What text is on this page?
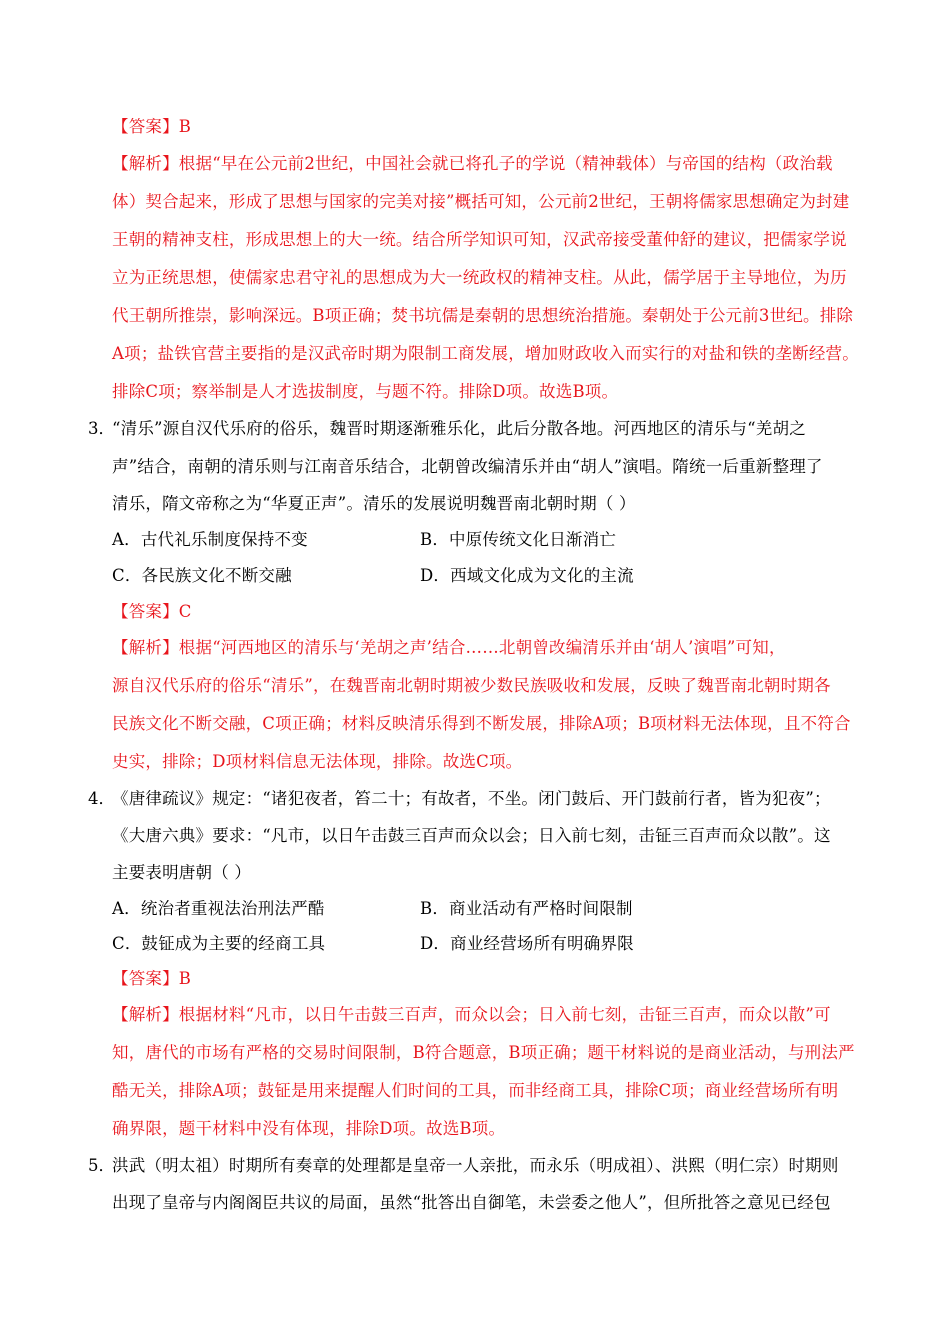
【答案】B
【解析】根据“早在公元前2世纪，中国社会就已将孔子的学说（精神载体）与帝国的结构（政治载
体）契合起来，形成了思想与国家的完美对接”概括可知，公元前2世纪，王朝将儒家思想确定为封建
王朝的精神支柱，形成思想上的大一统。结合所学知识可知，汉武帝接受董仲舒的建议，把儒家学说
立为正统思想，使儒家忠君守礼的思想成为大一统政权的精神支柱。从此，儒学居于主导地位，为历
代王朝所推崇，影响深远。B项正确；焚书坑儒是秦朝的思想统治措施。秦朝处于公元前3世纪。排除
A项；盐铁官营主要指的是汉武帝时期为限制工商发展，增加财政收入而实行的对盐和铁的垄断经营。
排除C项；察举制是人才选拔制度，与题不符。排除D项。故选B项。
3．
“清乐”源自汉代乐府的俗乐，魏晋时期逐渐雅乐化，此后分散各地。河西地区的清乐与“羌胡之
声”结合，南朝的清乐则与江南音乐结合，北朝曾改编清乐并由“胡人”演唱。隋统一后重新整理了
清乐，隋文帝称之为“华夏正声”。清乐的发展说明魏晋南北朝时期（ ）
A．古代礼乐制度保持不变	B．中原传统文化日渐消亡
C．各民族文化不断交融	D．西域文化成为文化的主流
【答案】C
【解析】根据“河西地区的清乐与‘羌胡之声’结合……北朝曾改编清乐并由‘胡人’演唱”可知，
源自汉代乐府的俗乐“清乐”，在魏晋南北朝时期被少数民族吸收和发展，反映了魏晋南北朝时期各
民族文化不断交融，C项正确；材料反映清乐得到不断发展，排除A项；B项材料无法体现，且不符合
史实，排除；D项材料信息无法体现，排除。故选C项。
4．
《唐律疏议》规定：“诸犯夜者，笞二十；有故者，不坐。闭门鼓后、开门鼓前行者，皆为犯夜”；
《大唐六典》要求：“凡市，以日午击鼓三百声而众以会；日入前七刻，击钲三百声而众以散”。这
主要表明唐朝（ ）
A．统治者重视法治刑法严酷	B．商业活动有严格时间限制
C．鼓钲成为主要的经商工具	D．商业经营场所有明确界限
【答案】B
【解析】根据材料“凡市，以日午击鼓三百声，而众以会；日入前七刻，击钲三百声，而众以散”可
知，唐代的市场有严格的交易时间限制，B符合题意，B项正确；题干材料说的是商业活动，与刑法严
酷无关，排除A项；鼓钲是用来提醒人们时间的工具，而非经商工具，排除C项；商业经营场所有明
确界限，题干材料中没有体现，排除D项。故选B项。
5．
洪武（明太祖）时期所有奏章的处理都是皇帝一人亲批，而永乐（明成祖）、洪熙（明仁宗）时期则
出现了皇帝与内阁阁臣共议的局面，虽然“批答出自御笔，未尝委之他人”，但所批答之意见已经包
